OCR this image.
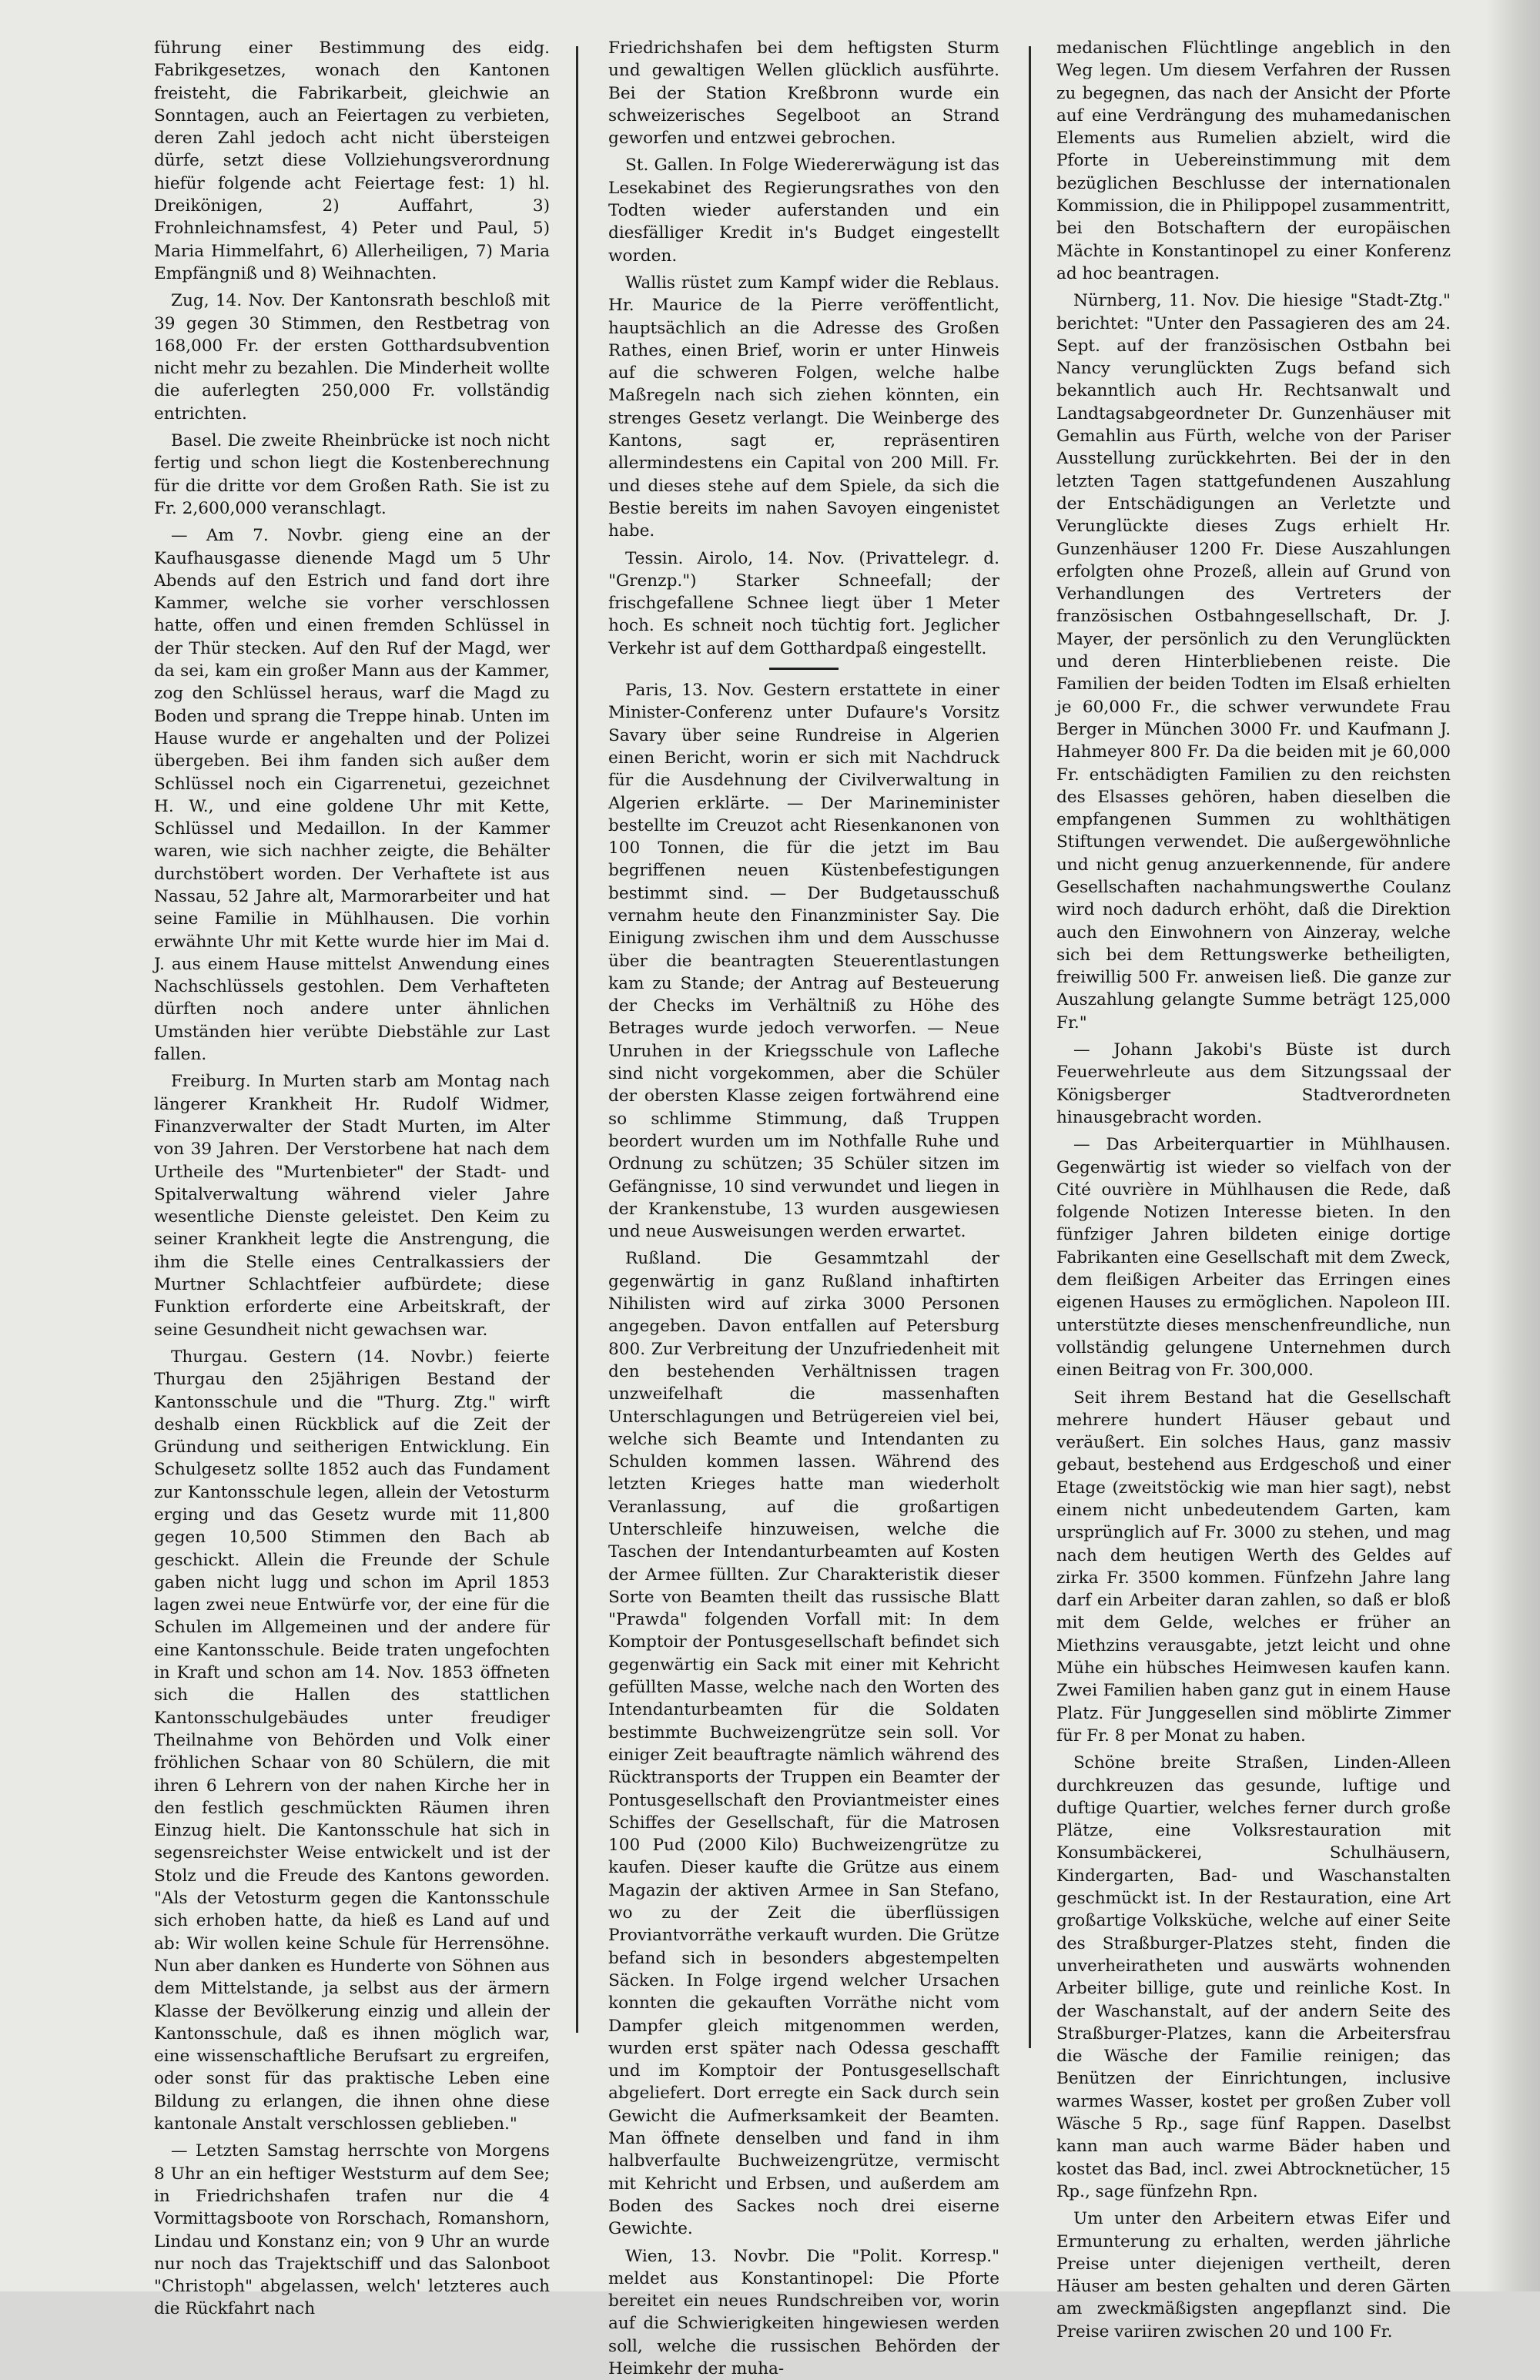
führung einer Bestimmung des eidg. Fabrikgesetzes, wonach den Kantonen freisteht, die Fabrikarbeit, gleichwie an Sonntagen, auch an Feiertagen zu verbieten, deren Zahl jedoch acht nicht übersteigen dürfe, setzt diese Vollziehungsverordnung hiefür folgende acht Feiertage fest: 1) hl. Dreikönigen, 2) Auffahrt, 3) Frohnleichnamsfest, 4) Peter und Paul, 5) Maria Himmelfahrt, 6) Allerheiligen, 7) Maria Empfängniß und 8) Weihnachten.

Zug, 14. Nov. Der Kantonsrath beschloß mit 39 gegen 30 Stimmen, den Restbetrag von 168,000 Fr. der ersten Gotthardsubvention nicht mehr zu bezahlen. Die Minderheit wollte die auferlegten 250,000 Fr. vollständig entrichten.

Basel. Die zweite Rheinbrücke ist noch nicht fertig und schon liegt die Kostenberechnung für die dritte vor dem Großen Rath. Sie ist zu Fr. 2,600,000 veranschlagt.

— Am 7. Novbr. gieng eine an der Kaufhausgasse dienende Magd um 5 Uhr Abends auf den Estrich und fand dort ihre Kammer, welche sie vorher verschlossen hatte, offen und einen fremden Schlüssel in der Thür stecken. Auf den Ruf der Magd, wer da sei, kam ein großer Mann aus der Kammer, zog den Schlüssel heraus, warf die Magd zu Boden und sprang die Treppe hinab. Unten im Hause wurde er angehalten und der Polizei übergeben. Bei ihm fanden sich außer dem Schlüssel noch ein Cigarrenetui, gezeichnet H. W., und eine goldene Uhr mit Kette, Schlüssel und Medaillon. In der Kammer waren, wie sich nachher zeigte, die Behälter durchstöbert worden. Der Verhaftete ist aus Nassau, 52 Jahre alt, Marmorarbeiter und hat seine Familie in Mühlhausen. Die vorhin erwähnte Uhr mit Kette wurde hier im Mai d. J. aus einem Hause mittelst Anwendung eines Nachschlüssels gestohlen. Dem Verhafteten dürften noch andere unter ähnlichen Umständen hier verübte Diebstähle zur Last fallen.

Freiburg. In Murten starb am Montag nach längerer Krankheit Hr. Rudolf Widmer, Finanzverwalter der Stadt Murten, im Alter von 39 Jahren. Der Verstorbene hat nach dem Urtheile des "Murtenbieter" der Stadt- und Spitalverwaltung während vieler Jahre wesentliche Dienste geleistet. Den Keim zu seiner Krankheit legte die Anstrengung, die ihm die Stelle eines Centralkassiers der Murtner Schlachtfeier aufbürdete; diese Funktion erforderte eine Arbeitskraft, der seine Gesundheit nicht gewachsen war.

Thurgau. Gestern (14. Novbr.) feierte Thurgau den 25jährigen Bestand der Kantonsschule und die "Thurg. Ztg." wirft deshalb einen Rückblick auf die Zeit der Gründung und seitherigen Entwicklung. Ein Schulgesetz sollte 1852 auch das Fundament zur Kantonsschule legen, allein der Vetosturm erging und das Gesetz wurde mit 11,800 gegen 10,500 Stimmen den Bach ab geschickt. Allein die Freunde der Schule gaben nicht lugg und schon im April 1853 lagen zwei neue Entwürfe vor, der eine für die Schulen im Allgemeinen und der andere für eine Kantonsschule. Beide traten ungefochten in Kraft und schon am 14. Nov. 1853 öffneten sich die Hallen des stattlichen Kantonsschulgebäudes unter freudiger Theilnahme von Behörden und Volk einer fröhlichen Schaar von 80 Schülern, die mit ihren 6 Lehrern von der nahen Kirche her in den festlich geschmückten Räumen ihren Einzug hielt. Die Kantonsschule hat sich in segensreichster Weise entwickelt und ist der Stolz und die Freude des Kantons geworden. "Als der Vetosturm gegen die Kantonsschule sich erhoben hatte, da hieß es Land auf und ab: Wir wollen keine Schule für Herrensöhne. Nun aber danken es Hunderte von Söhnen aus dem Mittelstande, ja selbst aus der ärmern Klasse der Bevölkerung einzig und allein der Kantonsschule, daß es ihnen möglich war, eine wissenschaftliche Berufsart zu ergreifen, oder sonst für das praktische Leben eine Bildung zu erlangen, die ihnen ohne diese kantonale Anstalt verschlossen geblieben."

— Letzten Samstag herrschte von Morgens 8 Uhr an ein heftiger Weststurm auf dem See; in Friedrichshafen trafen nur die 4 Vormittagsboote von Rorschach, Romanshorn, Lindau und Konstanz ein; von 9 Uhr an wurde nur noch das Trajektschiff und das Salonboot "Christoph" abgelassen, welch' letzteres auch die Rückfahrt nach

Friedrichshafen bei dem heftigsten Sturm und gewaltigen Wellen glücklich ausführte. Bei der Station Kreßbronn wurde ein schweizerisches Segelboot an Strand geworfen und entzwei gebrochen.

St. Gallen. In Folge Wiedererwägung ist das Lesekabinet des Regierungsrathes von den Todten wieder auferstanden und ein diesfälliger Kredit in's Budget eingestellt worden.

Wallis rüstet zum Kampf wider die Reblaus. Hr. Maurice de la Pierre veröffentlicht, hauptsächlich an die Adresse des Großen Rathes, einen Brief, worin er unter Hinweis auf die schweren Folgen, welche halbe Maßregeln nach sich ziehen könnten, ein strenges Gesetz verlangt. Die Weinberge des Kantons, sagt er, repräsentiren allermindestens ein Capital von 200 Mill. Fr. und dieses stehe auf dem Spiele, da sich die Bestie bereits im nahen Savoyen eingenistet habe.

Tessin. Airolo, 14. Nov. (Privattelegr. d. "Grenzp.") Starker Schneefall; der frischgefallene Schnee liegt über 1 Meter hoch. Es schneit noch tüchtig fort. Jeglicher Verkehr ist auf dem Gotthardpaß eingestellt.

Paris, 13. Nov. Gestern erstattete in einer Minister-Conferenz unter Dufaure's Vorsitz Savary über seine Rundreise in Algerien einen Bericht, worin er sich mit Nachdruck für die Ausdehnung der Civilverwaltung in Algerien erklärte. — Der Marineminister bestellte im Creuzot acht Riesenkanonen von 100 Tonnen, die für die jetzt im Bau begriffenen neuen Küstenbefestigungen bestimmt sind. — Der Budgetausschuß vernahm heute den Finanzminister Say. Die Einigung zwischen ihm und dem Ausschusse über die beantragten Steuerentlastungen kam zu Stande; der Antrag auf Besteuerung der Checks im Verhältniß zu Höhe des Betrages wurde jedoch verworfen. — Neue Unruhen in der Kriegsschule von Lafleche sind nicht vorgekommen, aber die Schüler der obersten Klasse zeigen fortwährend eine so schlimme Stimmung, daß Truppen beordert wurden um im Nothfalle Ruhe und Ordnung zu schützen; 35 Schüler sitzen im Gefängnisse, 10 sind verwundet und liegen in der Krankenstube, 13 wurden ausgewiesen und neue Ausweisungen werden erwartet.

Rußland. Die Gesammtzahl der gegenwärtig in ganz Rußland inhaftirten Nihilisten wird auf zirka 3000 Personen angegeben. Davon entfallen auf Petersburg 800. Zur Verbreitung der Unzufriedenheit mit den bestehenden Verhältnissen tragen unzweifelhaft die massenhaften Unterschlagungen und Betrügereien viel bei, welche sich Beamte und Intendanten zu Schulden kommen lassen. Während des letzten Krieges hatte man wiederholt Veranlassung, auf die großartigen Unterschleife hinzuweisen, welche die Taschen der Intendanturbeamten auf Kosten der Armee füllten. Zur Charakteristik dieser Sorte von Beamten theilt das russische Blatt "Prawda" folgenden Vorfall mit: In dem Komptoir der Pontusgesellschaft befindet sich gegenwärtig ein Sack mit einer mit Kehricht gefüllten Masse, welche nach den Worten des Intendanturbeamten für die Soldaten bestimmte Buchweizengrütze sein soll. Vor einiger Zeit beauftragte nämlich während des Rücktransports der Truppen ein Beamter der Pontusgesellschaft den Proviantmeister eines Schiffes der Gesellschaft, für die Matrosen 100 Pud (2000 Kilo) Buchweizengrütze zu kaufen. Dieser kaufte die Grütze aus einem Magazin der aktiven Armee in San Stefano, wo zu der Zeit die überflüssigen Proviantvorräthe verkauft wurden. Die Grütze befand sich in besonders abgestempelten Säcken. In Folge irgend welcher Ursachen konnten die gekauften Vorräthe nicht vom Dampfer gleich mitgenommen werden, wurden erst später nach Odessa geschafft und im Komptoir der Pontusgesellschaft abgeliefert. Dort erregte ein Sack durch sein Gewicht die Aufmerksamkeit der Beamten. Man öffnete denselben und fand in ihm halbverfaulte Buchweizengrütze, vermischt mit Kehricht und Erbsen, und außerdem am Boden des Sackes noch drei eiserne Gewichte.

Wien, 13. Novbr. Die "Polit. Korresp." meldet aus Konstantinopel: Die Pforte bereitet ein neues Rundschreiben vor, worin auf die Schwierigkeiten hingewiesen werden soll, welche die russischen Behörden der Heimkehr der muha-

medanischen Flüchtlinge angeblich in den Weg legen. Um diesem Verfahren der Russen zu begegnen, das nach der Ansicht der Pforte auf eine Verdrängung des muhamedanischen Elements aus Rumelien abzielt, wird die Pforte in Uebereinstimmung mit dem bezüglichen Beschlusse der internationalen Kommission, die in Philippopel zusammentritt, bei den Botschaftern der europäischen Mächte in Konstantinopel zu einer Konferenz ad hoc beantragen.

Nürnberg, 11. Nov. Die hiesige "Stadt-Ztg." berichtet: "Unter den Passagieren des am 24. Sept. auf der französischen Ostbahn bei Nancy verunglückten Zugs befand sich bekanntlich auch Hr. Rechtsanwalt und Landtagsabgeordneter Dr. Gunzenhäuser mit Gemahlin aus Fürth, welche von der Pariser Ausstellung zurückkehrten. Bei der in den letzten Tagen stattgefundenen Auszahlung der Entschädigungen an Verletzte und Verunglückte dieses Zugs erhielt Hr. Gunzenhäuser 1200 Fr. Diese Auszahlungen erfolgten ohne Prozeß, allein auf Grund von Verhandlungen des Vertreters der französischen Ostbahngesellschaft, Dr. J. Mayer, der persönlich zu den Verunglückten und deren Hinterbliebenen reiste. Die Familien der beiden Todten im Elsaß erhielten je 60,000 Fr., die schwer verwundete Frau Berger in München 3000 Fr. und Kaufmann J. Hahmeyer 800 Fr. Da die beiden mit je 60,000 Fr. entschädigten Familien zu den reichsten des Elsasses gehören, haben dieselben die empfangenen Summen zu wohlthätigen Stiftungen verwendet. Die außergewöhnliche und nicht genug anzuerkennende, für andere Gesellschaften nachahmungswerthe Coulanz wird noch dadurch erhöht, daß die Direktion auch den Einwohnern von Ainzeray, welche sich bei dem Rettungswerke betheiligten, freiwillig 500 Fr. anweisen ließ. Die ganze zur Auszahlung gelangte Summe beträgt 125,000 Fr."

— Johann Jakobi's Büste ist durch Feuerwehrleute aus dem Sitzungssaal der Königsberger Stadtverordneten hinausgebracht worden.

— Das Arbeiterquartier in Mühlhausen. Gegenwärtig ist wieder so vielfach von der Cité ouvrière in Mühlhausen die Rede, daß folgende Notizen Interesse bieten. In den fünfziger Jahren bildeten einige dortige Fabrikanten eine Gesellschaft mit dem Zweck, dem fleißigen Arbeiter das Erringen eines eigenen Hauses zu ermöglichen. Napoleon III. unterstützte dieses menschenfreundliche, nun vollständig gelungene Unternehmen durch einen Beitrag von Fr. 300,000.

Seit ihrem Bestand hat die Gesellschaft mehrere hundert Häuser gebaut und veräußert. Ein solches Haus, ganz massiv gebaut, bestehend aus Erdgeschoß und einer Etage (zweitstöckig wie man hier sagt), nebst einem nicht unbedeutendem Garten, kam ursprünglich auf Fr. 3000 zu stehen, und mag nach dem heutigen Werth des Geldes auf zirka Fr. 3500 kommen. Fünfzehn Jahre lang darf ein Arbeiter daran zahlen, so daß er bloß mit dem Gelde, welches er früher an Miethzins verausgabte, jetzt leicht und ohne Mühe ein hübsches Heimwesen kaufen kann. Zwei Familien haben ganz gut in einem Hause Platz. Für Junggesellen sind möblirte Zimmer für Fr. 8 per Monat zu haben.

Schöne breite Straßen, Linden-Alleen durchkreuzen das gesunde, luftige und duftige Quartier, welches ferner durch große Plätze, eine Volksrestauration mit Konsumbäckerei, Schulhäusern, Kindergarten, Bad- und Waschanstalten geschmückt ist. In der Restauration, eine Art großartige Volksküche, welche auf einer Seite des Straßburger-Platzes steht, finden die unverheiratheten und auswärts wohnenden Arbeiter billige, gute und reinliche Kost. In der Waschanstalt, auf der andern Seite des Straßburger-Platzes, kann die Arbeitersfrau die Wäsche der Familie reinigen; das Benützen der Einrichtungen, inclusive warmes Wasser, kostet per großen Zuber voll Wäsche 5 Rp., sage fünf Rappen. Daselbst kann man auch warme Bäder haben und kostet das Bad, incl. zwei Abtrocknetücher, 15 Rp., sage fünfzehn Rpn.

Um unter den Arbeitern etwas Eifer und Ermunterung zu erhalten, werden jährliche Preise unter diejenigen vertheilt, deren Häuser am besten gehalten und deren Gärten am zweckmäßigsten angepflanzt sind. Die Preise variiren zwischen 20 und 100 Fr.
